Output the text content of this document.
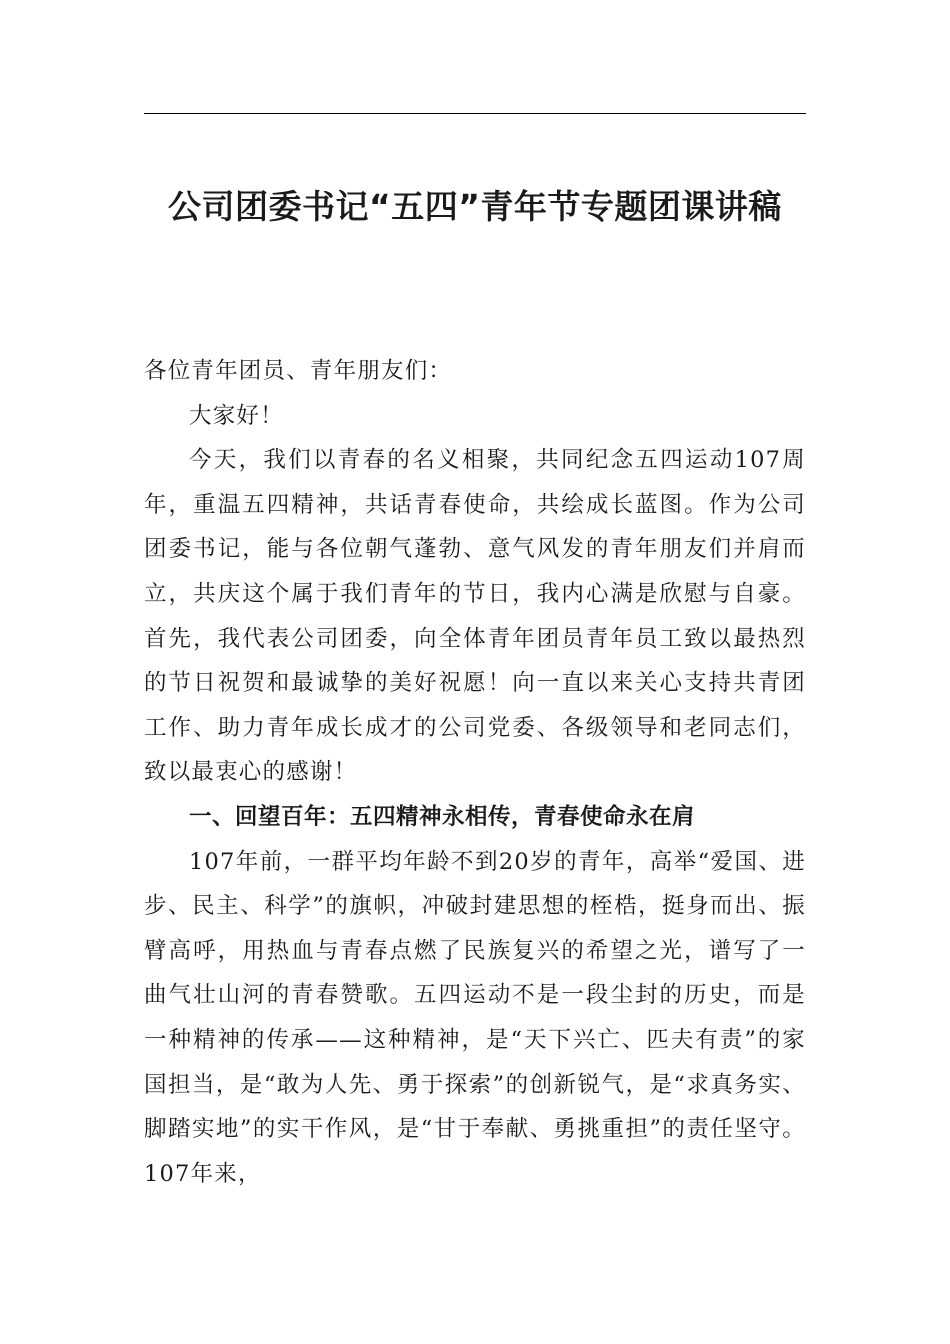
公司团委书记“五四”青年节专题团课讲稿

各位青年团员、青年朋友们：

大家好！

今天，我们以青春的名义相聚，共同纪念五四运动107周年，重温五四精神，共话青春使命，共绘成长蓝图。作为公司团委书记，能与各位朝气蓬勃、意气风发的青年朋友们并肩而立，共庆这个属于我们青年的节日，我内心满是欣慰与自豪。首先，我代表公司团委，向全体青年团员青年员工致以最热烈的节日祝贺和最诚挚的美好祝愿！向一直以来关心支持共青团工作、助力青年成长成才的公司党委、各级领导和老同志们，致以最衷心的感谢！

一、回望百年：五四精神永相传，青春使命永在肩

107年前，一群平均年龄不到20岁的青年，高举“爱国、进步、民主、科学”的旗帜，冲破封建思想的桎梏，挺身而出、振臂高呼，用热血与青春点燃了民族复兴的希望之光，谱写了一曲气壮山河的青春赞歌。五四运动不是一段尘封的历史，而是一种精神的传承——这种精神，是“天下兴亡、匹夫有责”的家国担当，是“敢为人先、勇于探索”的创新锐气，是“求真务实、脚踏实地”的实干作风，是“甘于奉献、勇挑重担”的责任坚守。107年来，
